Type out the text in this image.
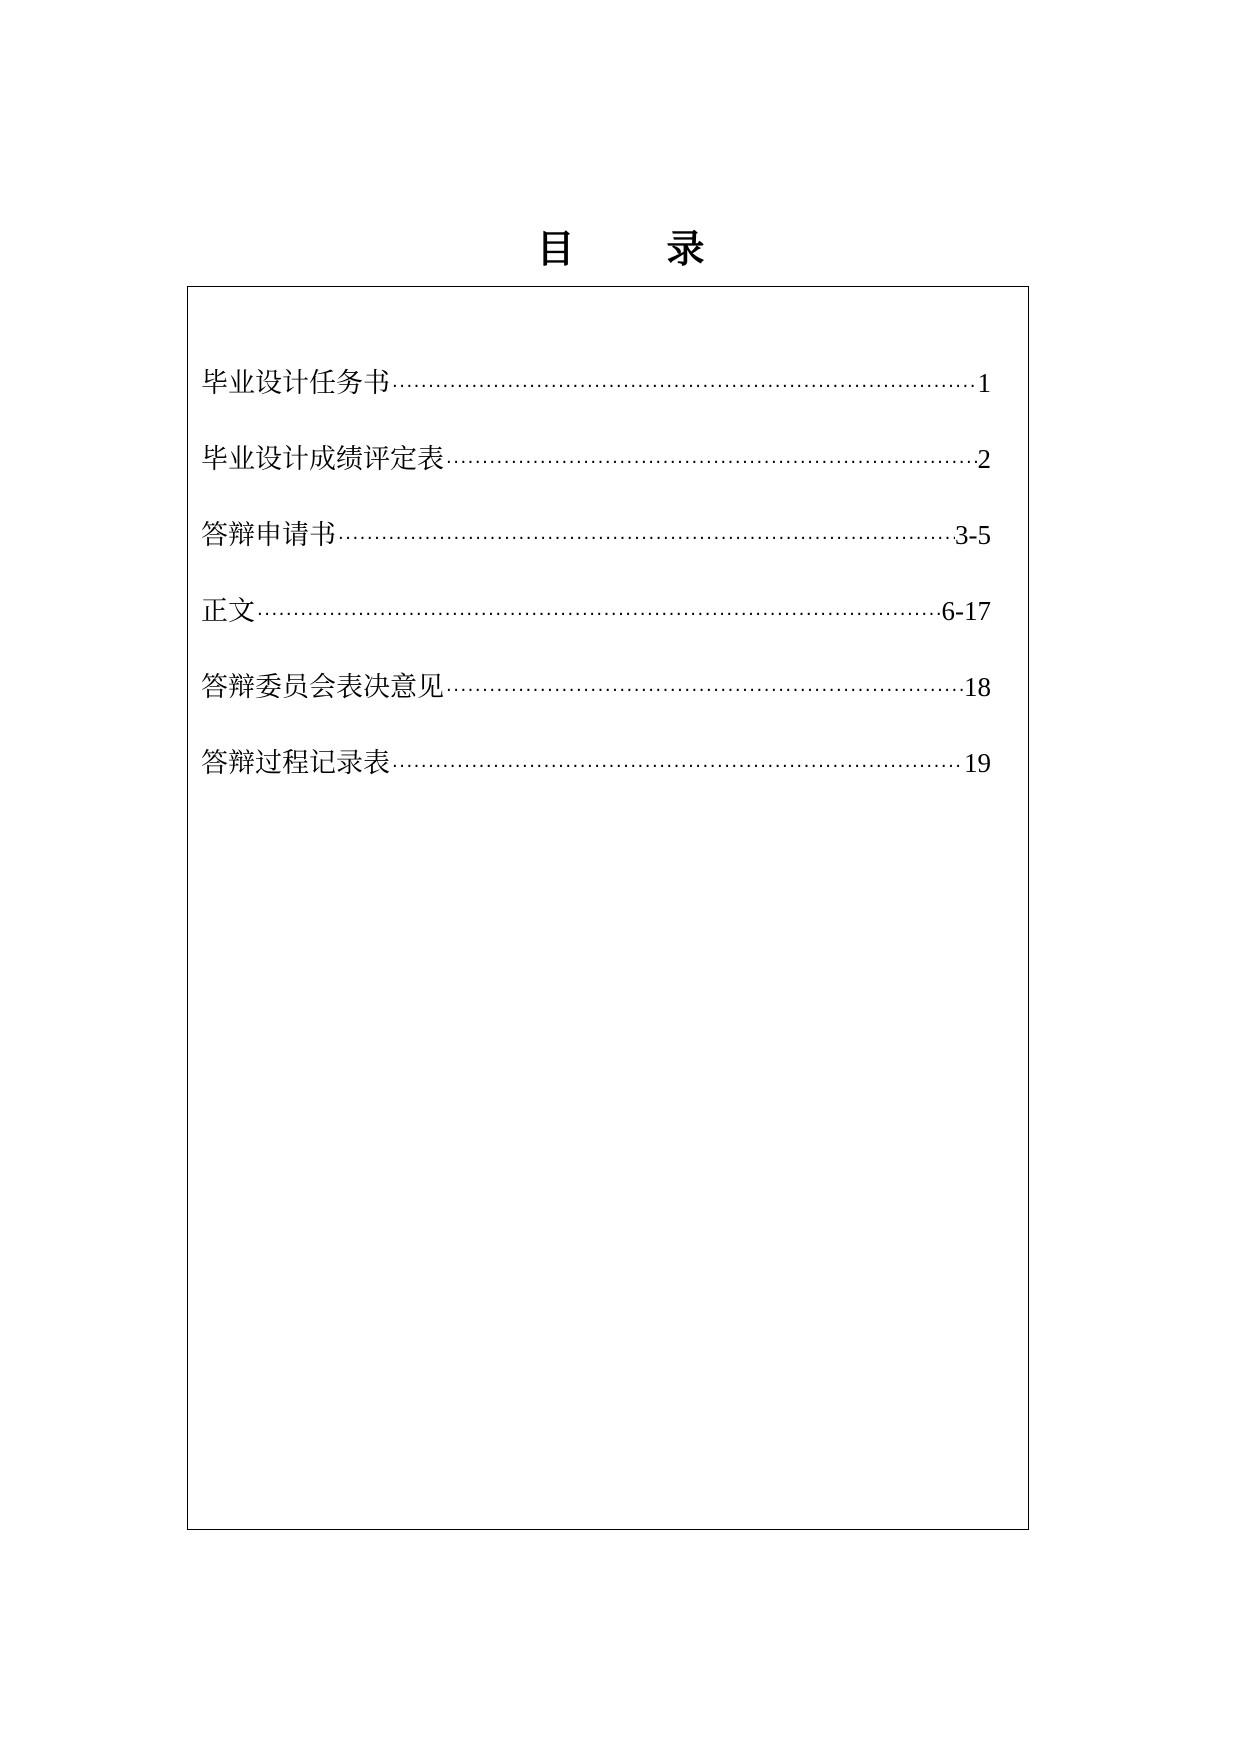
目 录
毕业设计任务书 ·····	1
毕业设计成绩评定表 ·····	2
答辩申请书 ·····	3-5
正文 ·····	6-17
答辩委员会表决意见 ·····	18
答辩过程记录表 ·····	19
